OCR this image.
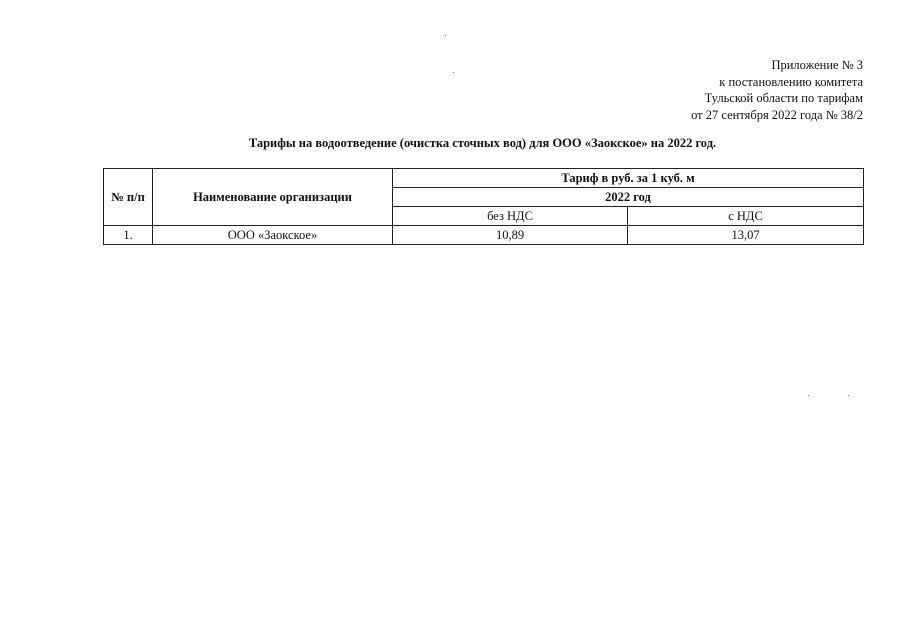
Приложение № 3
к постановлению комитета
Тульской области по тарифам
от 27 сентября 2022 года № 38/2
Тарифы на водоотведение (очистка сточных вод) для ООО «Заокское» на 2022 год.
№ п/п	Наименование организации	Тариф в руб. за 1 куб. м	
		2022 год	
		без НДС	с НДС
1.	ООО «Заокское»	10,89	13,07
